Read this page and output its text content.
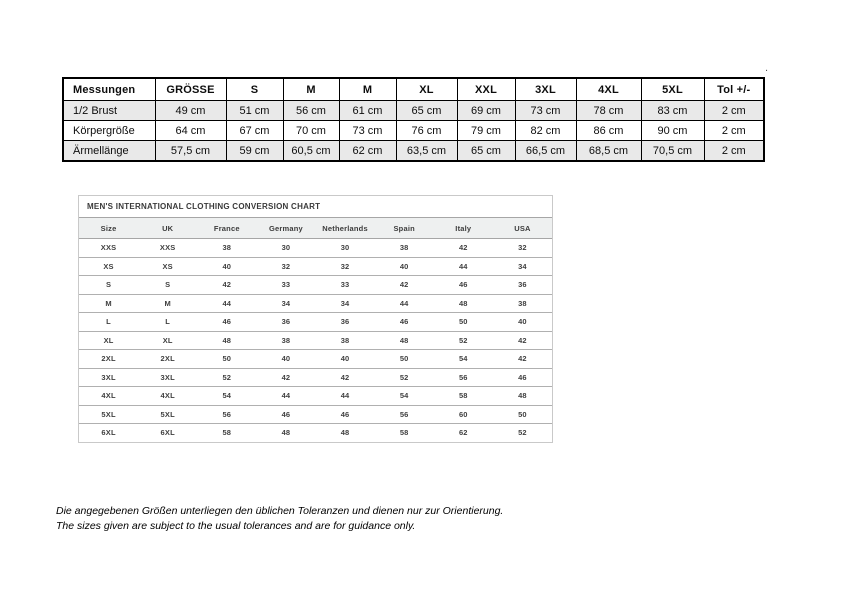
Messungen	GRÖSSE	S	M	M	XL	XXL	3XL	4XL	5XL	Tol +/-
1/2 Brust	49 cm	51 cm	56 cm	61 cm	65 cm	69 cm	73 cm	78 cm	83 cm	2 cm
Körpergröße	64 cm	67 cm	70 cm	73 cm	76 cm	79 cm	82 cm	86 cm	90 cm	2 cm
Ärmellänge	57,5 cm	59 cm	60,5 cm	62 cm	63,5 cm	65 cm	66,5 cm	68,5 cm	70,5 cm	2 cm
MEN'S INTERNATIONAL CLOTHING CONVERSION CHART
Size	UK	France	Germany	Netherlands	Spain	Italy	USA
XXS	XXS	38	30	30	38	42	32
XS	XS	40	32	32	40	44	34
S	S	42	33	33	42	46	36
M	M	44	34	34	44	48	38
L	L	46	36	36	46	50	40
XL	XL	48	38	38	48	52	42
2XL	2XL	50	40	40	50	54	42
3XL	3XL	52	42	42	52	56	46
4XL	4XL	54	44	44	54	58	48
5XL	5XL	56	46	46	56	60	50
6XL	6XL	58	48	48	58	62	52
Die angegebenen Größen unterliegen den üblichen Toleranzen und dienen nur zur Orientierung.
The sizes given are subject to the usual tolerances and are for guidance only.
.
